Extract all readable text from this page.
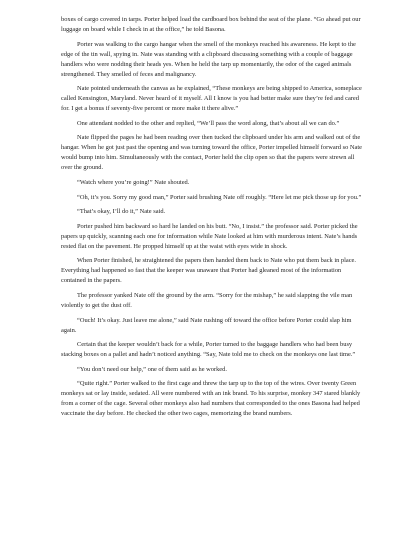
boxes of cargo covered in tarps. Porter helped load the cardboard box behind the seat of the plane. “Go ahead put our luggage on board while I check in at the office,” he told Basona.

Porter was walking to the cargo hangar when the smell of the monkeys reached his awareness. He kept to the edge of the tin wall, spying in. Nate was standing with a clipboard discussing something with a couple of baggage handlers who were nodding their heads yes. When he held the tarp up momentarily, the odor of the caged animals strengthened. They smelled of feces and malignancy.

Nate pointed underneath the canvas as he explained, “These monkeys are being shipped to America, someplace called Kensington, Maryland. Never heard of it myself. All I know is you had better make sure they’re fed and cared for. I get a bonus if seventy-five percent or more make it there alive.”

One attendant nodded to the other and replied, “We’ll pass the word along, that’s about all we can do.”

Nate flipped the pages he had been reading over then tucked the clipboard under his arm and walked out of the hangar. When he got just past the opening and was turning toward the office, Porter impelled himself forward so Nate would bump into him. Simultaneously with the contact, Porter held the clip open so that the papers were strewn all over the ground.

“Watch where you’re going!” Nate shouted.

“Oh, it’s you. Sorry my good man,” Porter said brushing Nate off roughly. “Here let me pick those up for you.”

“That’s okay, I’ll do it,” Nate said.

Porter pushed him backward so hard he landed on his butt. “No, I insist.” the professor said. Porter picked the papers up quickly, scanning each one for information while Nate looked at him with murderous intent. Nate’s hands rested flat on the pavement. He propped himself up at the waist with eyes wide in shock.

When Porter finished, he straightened the papers then handed them back to Nate who put them back in place. Everything had happened so fast that the keeper was unaware that Porter had gleaned most of the information contained in the papers.

The professor yanked Nate off the ground by the arm. “Sorry for the mishap,” he said slapping the vile man violently to get the dust off.

“Ouch! It’s okay. Just leave me alone,” said Nate rushing off toward the office before Porter could slap him again.

Certain that the keeper wouldn’t back for a while, Porter turned to the baggage handlers who had been busy stacking boxes on a pallet and hadn’t noticed anything. “Say, Nate told me to check on the monkeys one last time.”

“You don’t need our help,” one of them said as he worked.

“Quite right.” Porter walked to the first cage and threw the tarp up to the top of the wires. Over twenty Green monkeys sat or lay inside, sedated. All were numbered with an ink brand. To his surprise, monkey 347 stared blankly from a corner of the cage. Several other monkeys also had numbers that corresponded to the ones Basona had helped vaccinate the day before. He checked the other two cages, memorizing the brand numbers.
